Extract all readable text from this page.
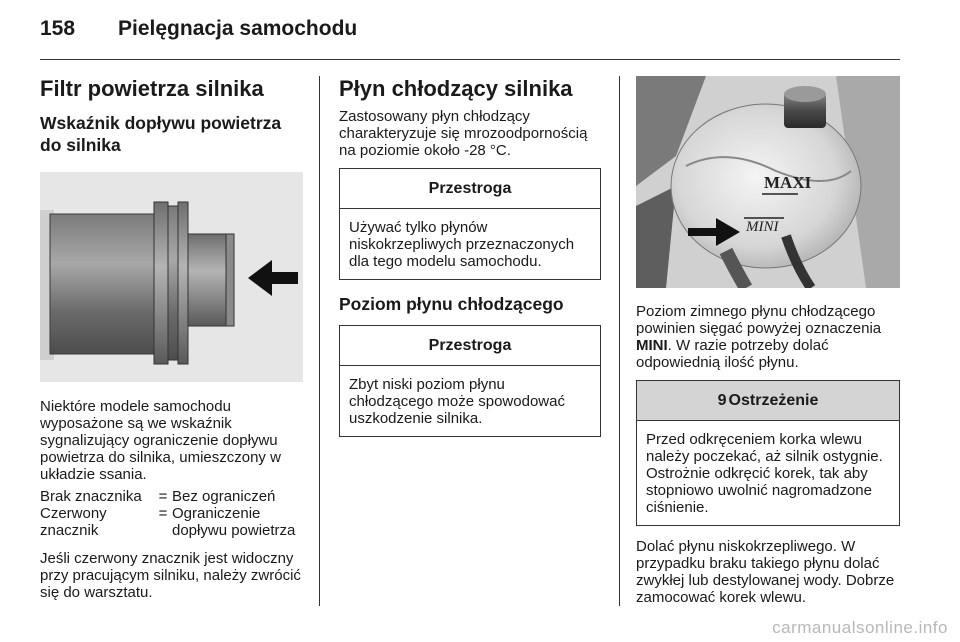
158 Pielęgnacja samochodu
Filtr powietrza silnika
Wskaźnik dopływu powietrza do silnika

Niektóre modele samochodu wyposażone są we wskaźnik sygnalizujący ograniczenie dopływu powietrza do silnika, umieszczony w układzie ssania.

Brak znacznika	= Bez ograniczeń
Czerwony znacznik
= Ograniczenie dopływu powietrza

Jeśli czerwony znacznik jest widoczny przy pracującym silniku, należy zwrócić się do warsztatu.

Płyn chłodzący silnika

Zastosowany płyn chłodzący charakteryzuje się mrozoodpornością na poziomie około -28 °C.

Przestroga
Używać tylko płynów niskokrzepliwych przeznaczonych dla tego modelu samochodu.
Poziom płynu chłodzącego
Przestroga
Zbyt niski poziom płynu chłodzącego może spowodować uszkodzenie silnika.
MAXI
MINI

Poziom zimnego płynu chłodzącego powinien sięgać powyżej oznaczenia MINI. W razie potrzeby dolać odpowiednią ilość płynu.

9 Ostrzeżenie
Przed odkręceniem korka wlewu należy poczekać, aż silnik ostygnie. Ostrożnie odkręcić korek, tak aby stopniowo uwolnić nagromadzone ciśnienie.

Dolać płynu niskokrzepliwego. W przypadku braku takiego płynu dolać zwykłej lub destylowanej wody. Dobrze zamocować korek wlewu.

carmanualsonline.info
